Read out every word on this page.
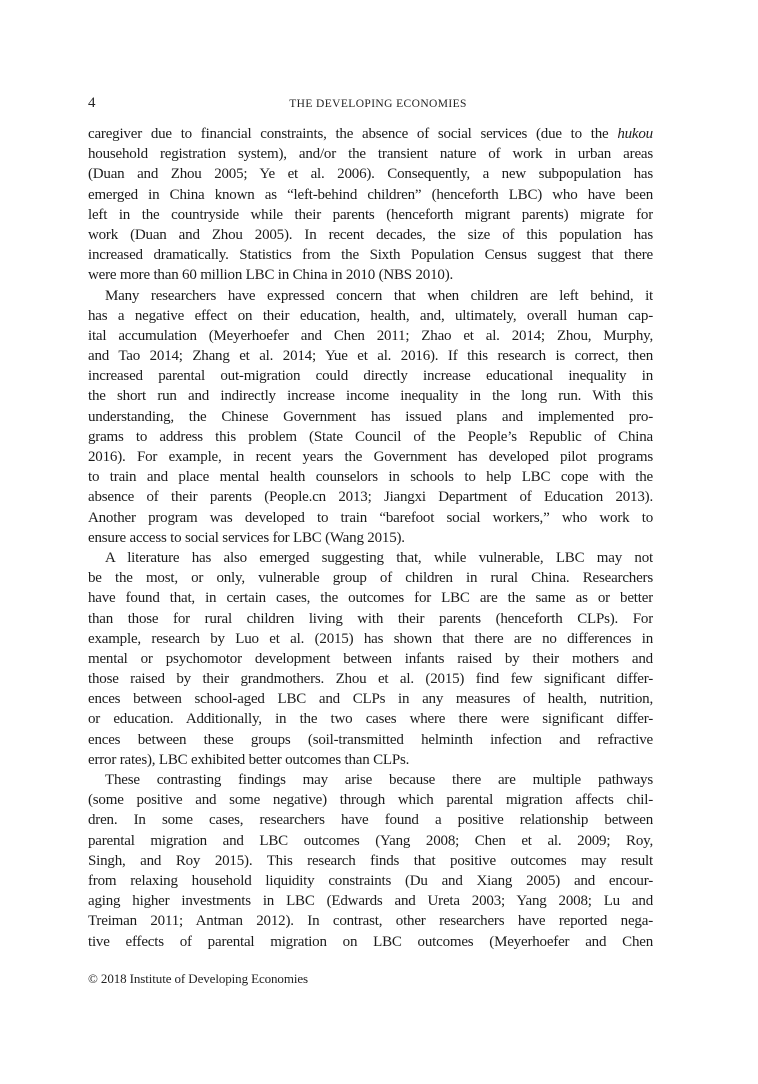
4	THE DEVELOPING ECONOMIES
caregiver due to financial constraints, the absence of social services (due to the hukou
household registration system), and/or the transient nature of work in urban areas
(Duan and Zhou 2005; Ye et al. 2006). Consequently, a new subpopulation has
emerged in China known as “left-behind children” (henceforth LBC) who have been
left in the countryside while their parents (henceforth migrant parents) migrate for
work (Duan and Zhou 2005). In recent decades, the size of this population has
increased dramatically. Statistics from the Sixth Population Census suggest that there
were more than 60 million LBC in China in 2010 (NBS 2010).
Many researchers have expressed concern that when children are left behind, it
has a negative effect on their education, health, and, ultimately, overall human cap-
ital accumulation (Meyerhoefer and Chen 2011; Zhao et al. 2014; Zhou, Murphy,
and Tao 2014; Zhang et al. 2014; Yue et al. 2016). If this research is correct, then
increased parental out-migration could directly increase educational inequality in
the short run and indirectly increase income inequality in the long run. With this
understanding, the Chinese Government has issued plans and implemented pro-
grams to address this problem (State Council of the People’s Republic of China
2016). For example, in recent years the Government has developed pilot programs
to train and place mental health counselors in schools to help LBC cope with the
absence of their parents (People.cn 2013; Jiangxi Department of Education 2013).
Another program was developed to train “barefoot social workers,” who work to
ensure access to social services for LBC (Wang 2015).
A literature has also emerged suggesting that, while vulnerable, LBC may not
be the most, or only, vulnerable group of children in rural China. Researchers
have found that, in certain cases, the outcomes for LBC are the same as or better
than those for rural children living with their parents (henceforth CLPs). For
example, research by Luo et al. (2015) has shown that there are no differences in
mental or psychomotor development between infants raised by their mothers and
those raised by their grandmothers. Zhou et al. (2015) find few significant differ-
ences between school-aged LBC and CLPs in any measures of health, nutrition,
or education. Additionally, in the two cases where there were significant differ-
ences between these groups (soil-transmitted helminth infection and refractive
error rates), LBC exhibited better outcomes than CLPs.
These contrasting findings may arise because there are multiple pathways
(some positive and some negative) through which parental migration affects chil-
dren. In some cases, researchers have found a positive relationship between
parental migration and LBC outcomes (Yang 2008; Chen et al. 2009; Roy,
Singh, and Roy 2015). This research finds that positive outcomes may result
from relaxing household liquidity constraints (Du and Xiang 2005) and encour-
aging higher investments in LBC (Edwards and Ureta 2003; Yang 2008; Lu and
Treiman 2011; Antman 2012). In contrast, other researchers have reported nega-
tive effects of parental migration on LBC outcomes (Meyerhoefer and Chen
© 2018 Institute of Developing Economies
